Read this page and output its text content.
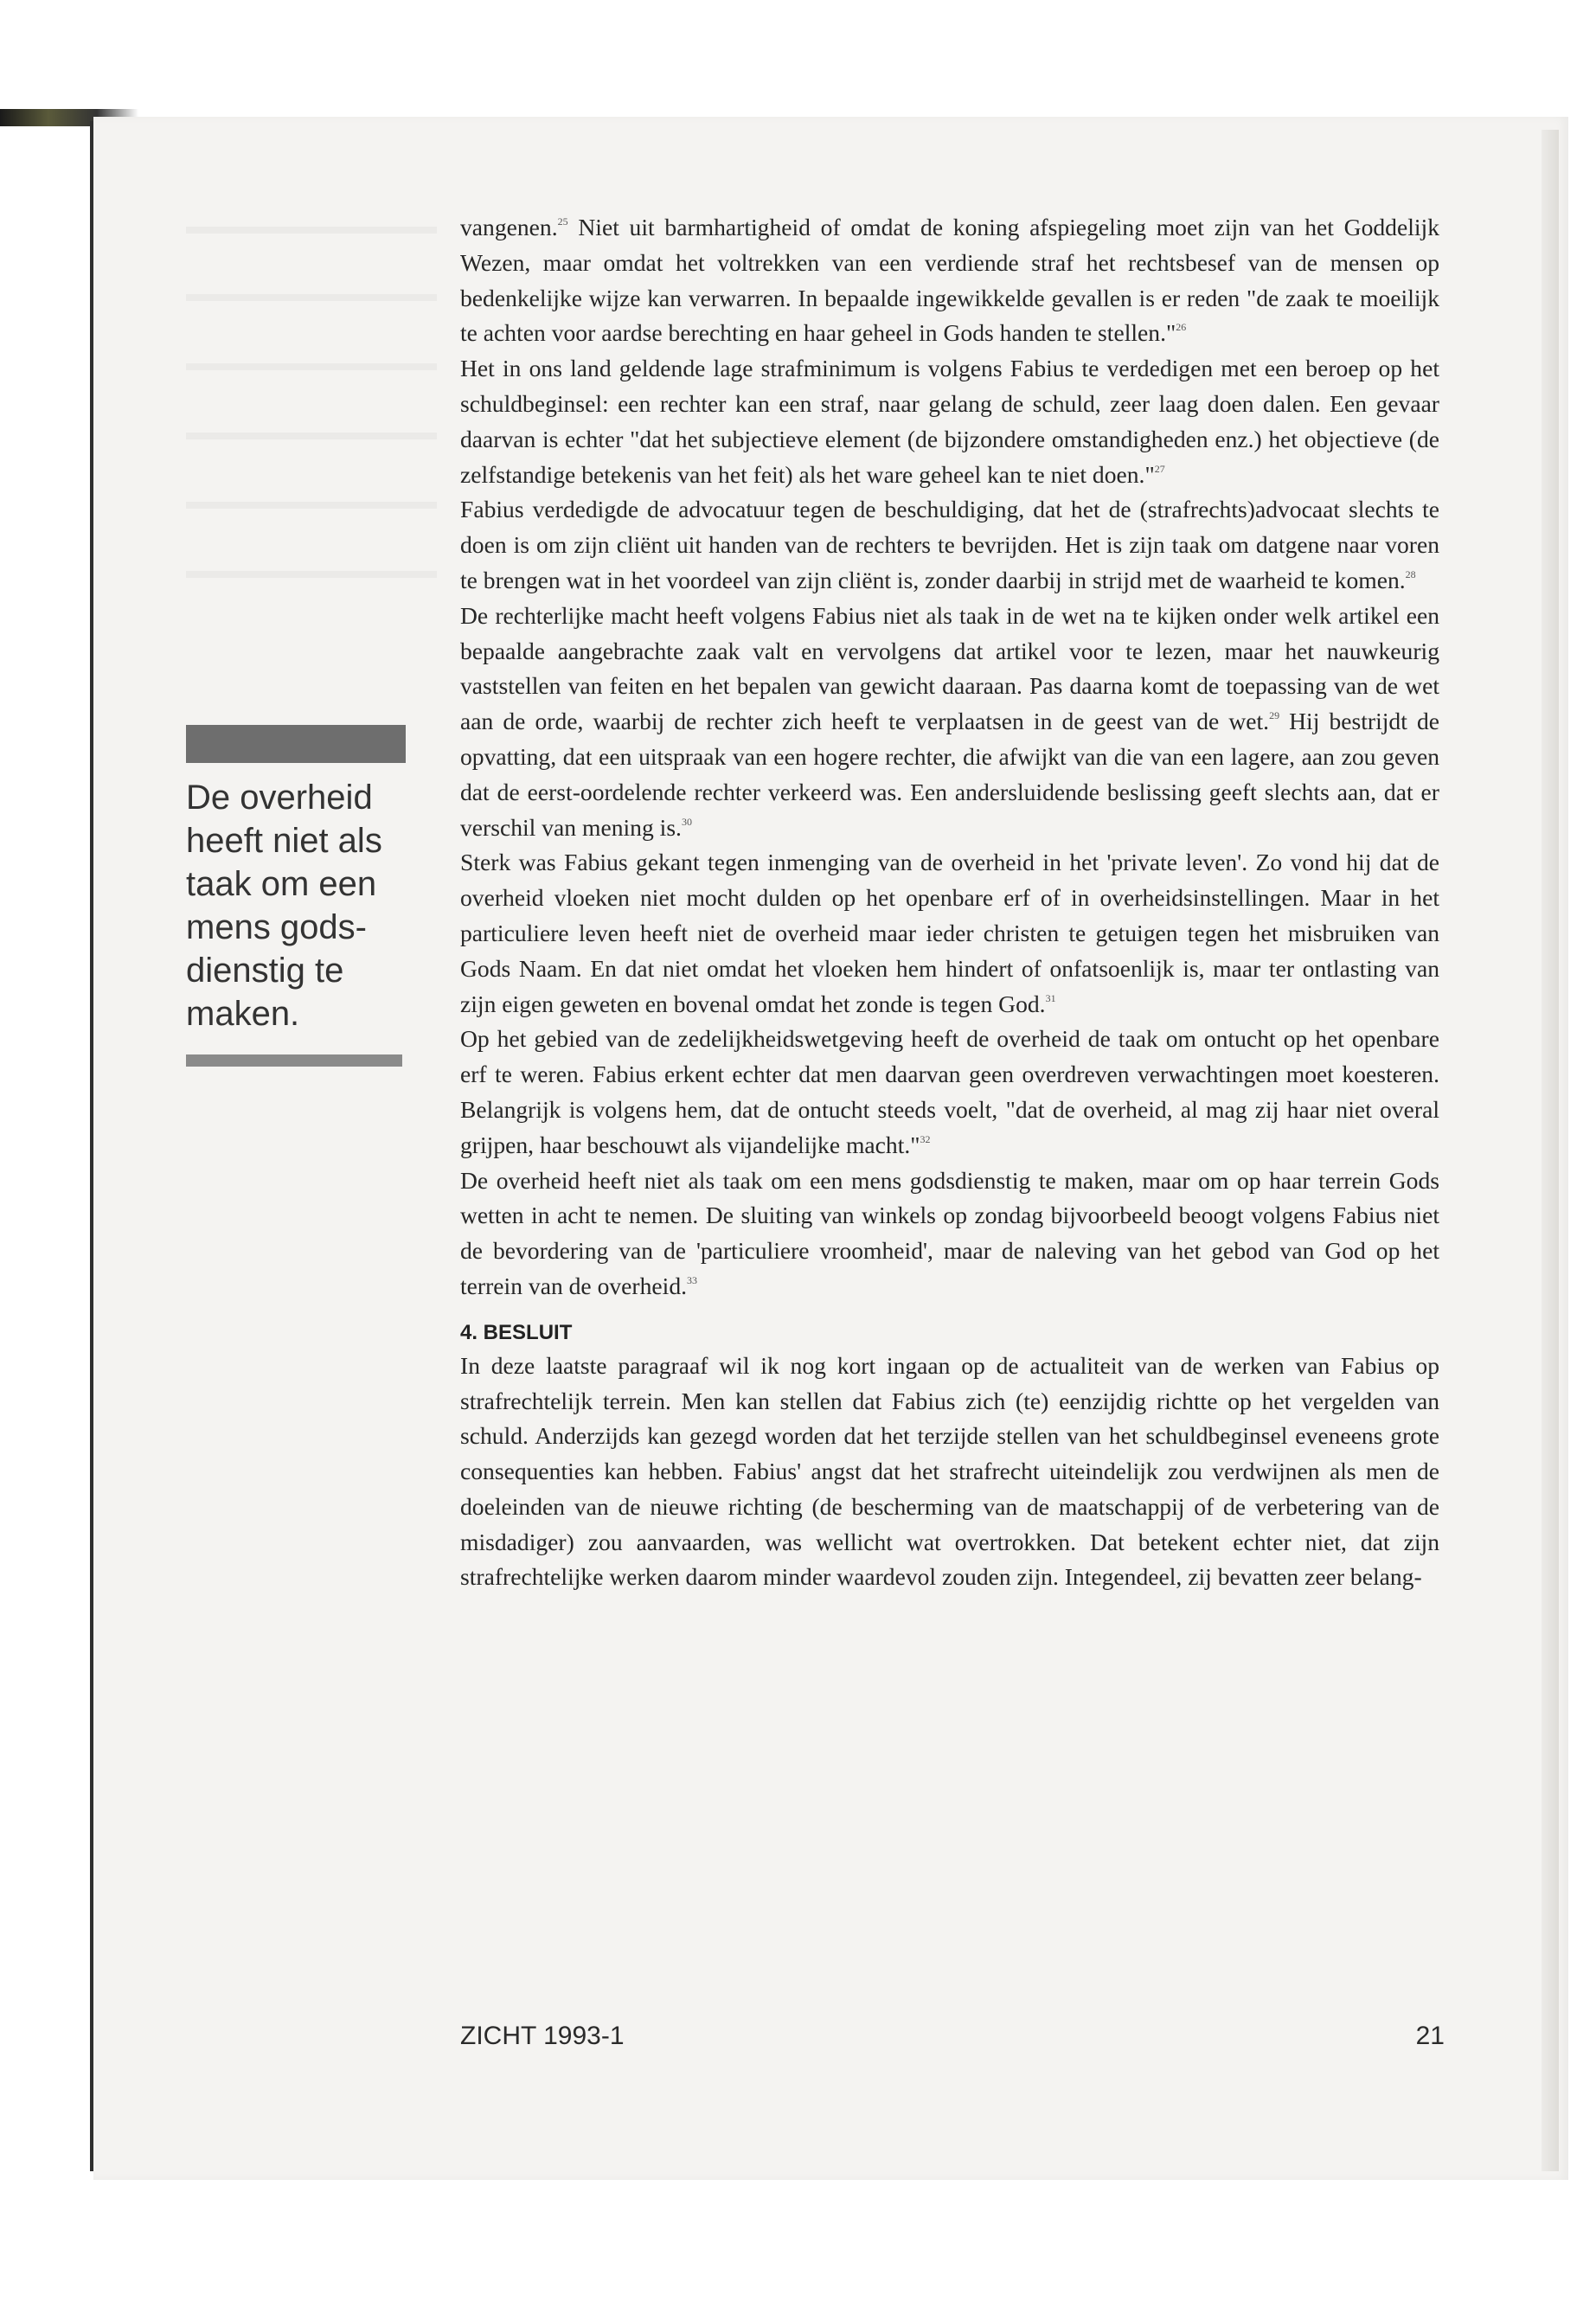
De overheid heeft niet als taak om een mens gods-dienstig te maken.

vangenen.$^{25}$ Niet uit barmhartigheid of omdat de koning afspiegeling moet zijn van het Goddelijk Wezen, maar omdat het voltrekken van een verdiende straf het rechtsbesef van de mensen op bedenkelijke wijze kan verwarren. In bepaalde ingewikkelde gevallen is er reden "de zaak te moeilijk te achten voor aardse berechting en haar geheel in Gods handen te stellen."$^{26}$

Het in ons land geldende lage strafminimum is volgens Fabius te verdedigen met een beroep op het schuldbeginsel: een rechter kan een straf, naar gelang de schuld, zeer laag doen dalen. Een gevaar daarvan is echter "dat het subjectieve element (de bijzondere omstandigheden enz.) het objectieve (de zelfstandige betekenis van het feit) als het ware geheel kan te niet doen."$^{27}$

Fabius verdedigde de advocatuur tegen de beschuldiging, dat het de (strafrechts)advocaat slechts te doen is om zijn cliënt uit handen van de rechters te bevrijden. Het is zijn taak om datgene naar voren te brengen wat in het voordeel van zijn cliënt is, zonder daarbij in strijd met de waarheid te komen.$^{28}$

De rechterlijke macht heeft volgens Fabius niet als taak in de wet na te kijken onder welk artikel een bepaalde aangebrachte zaak valt en vervolgens dat artikel voor te lezen, maar het nauwkeurig vaststellen van feiten en het bepalen van gewicht daaraan. Pas daarna komt de toepassing van de wet aan de orde, waarbij de rechter zich heeft te verplaatsen in de geest van de wet.$^{29}$ Hij bestrijdt de opvatting, dat een uitspraak van een hogere rechter, die afwijkt van die van een lagere, aan zou geven dat de eerst-oordelende rechter verkeerd was. Een andersluidende beslissing geeft slechts aan, dat er verschil van mening is.$^{30}$

Sterk was Fabius gekant tegen inmenging van de overheid in het 'private leven'. Zo vond hij dat de overheid vloeken niet mocht dulden op het openbare erf of in overheidsinstellingen. Maar in het particuliere leven heeft niet de overheid maar ieder christen te getuigen tegen het misbruiken van Gods Naam. En dat niet omdat het vloeken hem hindert of onfatsoenlijk is, maar ter ontlasting van zijn eigen geweten en bovenal omdat het zonde is tegen God.$^{31}$

Op het gebied van de zedelijkheidswetgeving heeft de overheid de taak om ontucht op het openbare erf te weren. Fabius erkent echter dat men daarvan geen overdreven verwachtingen moet koesteren. Belangrijk is volgens hem, dat de ontucht steeds voelt, "dat de overheid, al mag zij haar niet overal grijpen, haar beschouwt als vijandelijke macht."$^{32}$

De overheid heeft niet als taak om een mens godsdienstig te maken, maar om op haar terrein Gods wetten in acht te nemen. De sluiting van winkels op zondag bijvoorbeeld beoogt volgens Fabius niet de bevordering van de 'particuliere vroomheid', maar de naleving van het gebod van God op het terrein van de overheid.$^{33}$

4. BESLUIT

In deze laatste paragraaf wil ik nog kort ingaan op de actualiteit van de werken van Fabius op strafrechtelijk terrein. Men kan stellen dat Fabius zich (te) eenzijdig richtte op het vergelden van schuld. Anderzijds kan gezegd worden dat het terzijde stellen van het schuldbeginsel eveneens grote consequenties kan hebben. Fabius' angst dat het strafrecht uiteindelijk zou verdwijnen als men de doeleinden van de nieuwe richting (de bescherming van de maatschappij of de verbetering van de misdadiger) zou aanvaarden, was wellicht wat overtrokken. Dat betekent echter niet, dat zijn strafrechtelijke werken daarom minder waardevol zouden zijn. Integendeel, zij bevatten zeer belang-

ZICHT 1993-1	21
